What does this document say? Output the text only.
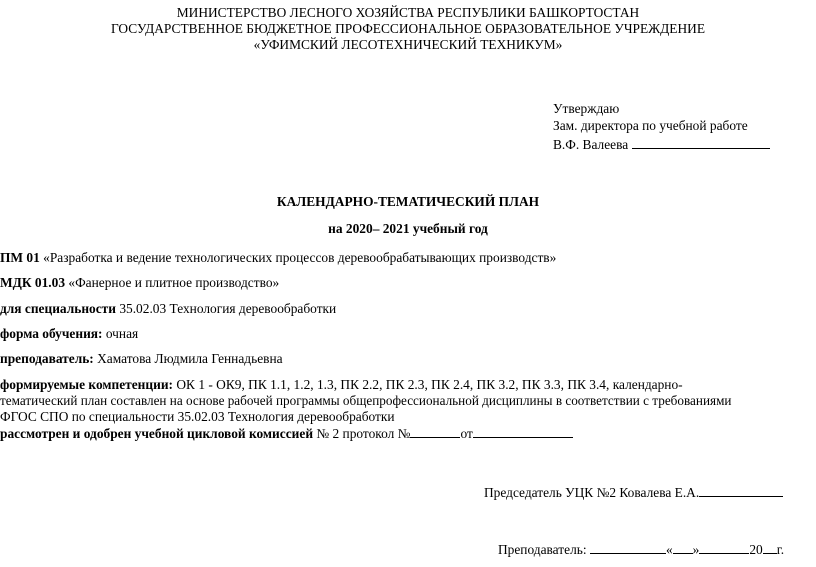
МИНИСТЕРСТВО ЛЕСНОГО ХОЗЯЙСТВА РЕСПУБЛИКИ БАШКОРТОСТАН
ГОСУДАРСТВЕННОЕ БЮДЖЕТНОЕ ПРОФЕССИОНАЛЬНОЕ ОБРАЗОВАТЕЛЬНОЕ УЧРЕЖДЕНИЕ
«УФИМСКИЙ ЛЕСОТЕХНИЧЕСКИЙ ТЕХНИКУМ»
Утверждаю
Зам. директора по учебной работе
В.Ф. Валеева
КАЛЕНДАРНО-ТЕМАТИЧЕСКИЙ ПЛАН
на 2020– 2021 учебный год
ПМ 01 «Разработка и ведение технологических процессов деревообрабатывающих производств»
МДК 01.03 «Фанерное и плитное производство»
для специальности 35.02.03 Технология деревообработки
форма обучения: очная
преподаватель: Хаматова Людмила Геннадьевна
формируемые компетенции: ОК 1 - ОК9, ПК 1.1, 1.2, 1.3, ПК 2.2, ПК 2.3, ПК 2.4, ПК 3.2, ПК 3.3, ПК 3.4, календарно-
тематический план составлен на основе рабочей программы общепрофессиональной дисциплины в соответствии с требованиями
ФГОС СПО по специальности 35.02.03 Технология деревообработки
рассмотрен и одобрен учебной цикловой комиссией № 2 протокол №	от
Председатель УЦК №2 Ковалева Е.А.
Преподаватель:	« »	20 г.
